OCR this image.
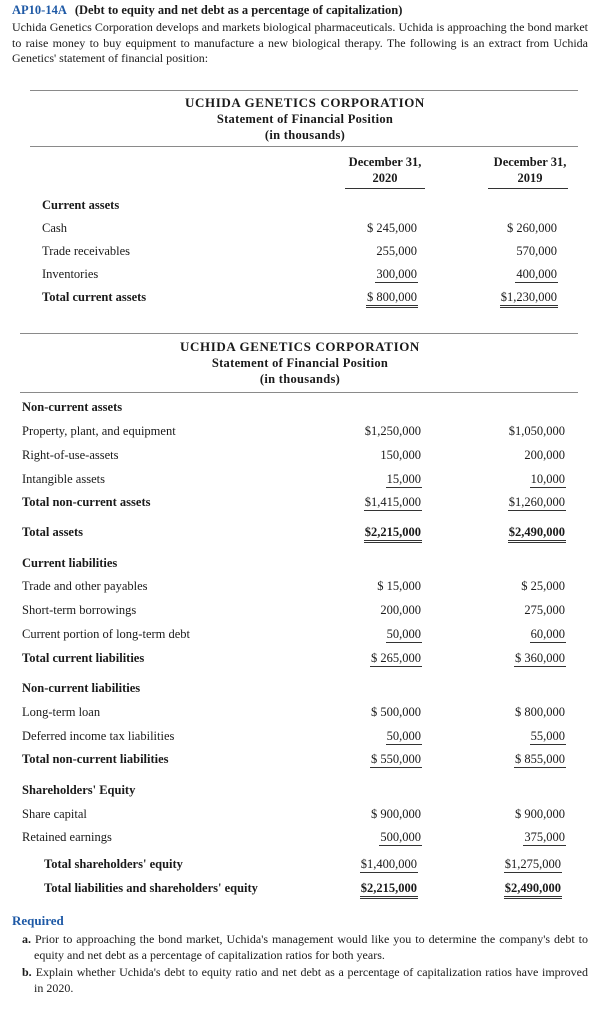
AP10-14A (Debt to equity and net debt as a percentage of capitalization)
Uchida Genetics Corporation develops and markets biological pharmaceuticals. Uchida is approaching the bond market to raise money to buy equipment to manufacture a new biological therapy. The following is an extract from Uchida Genetics' statement of financial position:
UCHIDA GENETICS CORPORATION
Statement of Financial Position
(in thousands)
December 31,
2020
December 31,
2019
Current assets
Cash	$ 245,000	$ 260,000
Trade receivables	255,000	570,000
Inventories	300,000	400,000
Total current assets	$ 800,000	$1,230,000
UCHIDA GENETICS CORPORATION
Statement of Financial Position
(in thousands)
Non-current assets
Property, plant, and equipment	$1,250,000	$1,050,000
Right-of-use-assets	150,000	200,000
Intangible assets	15,000	10,000
Total non-current assets	$1,415,000	$1,260,000
Total assets	$2,215,000	$2,490,000
Current liabilities
Trade and other payables	$ 15,000	$ 25,000
Short-term borrowings	200,000	275,000
Current portion of long-term debt	50,000	60,000
Total current liabilities	$ 265,000	$ 360,000
Non-current liabilities
Long-term loan	$ 500,000	$ 800,000
Deferred income tax liabilities	50,000	55,000
Total non-current liabilities	$ 550,000	$ 855,000
Shareholders' Equity
Share capital	$ 900,000	$ 900,000
Retained earnings	500,000	375,000
Total shareholders' equity	$1,400,000	$1,275,000
Total liabilities and shareholders' equity	$2,215,000	$2,490,000
Required
a. Prior to approaching the bond market, Uchida's management would like you to determine the company's debt to equity and net debt as a percentage of capitalization ratios for both years.
b. Explain whether Uchida's debt to equity ratio and net debt as a percentage of capitalization ratios have improved in 2020.
